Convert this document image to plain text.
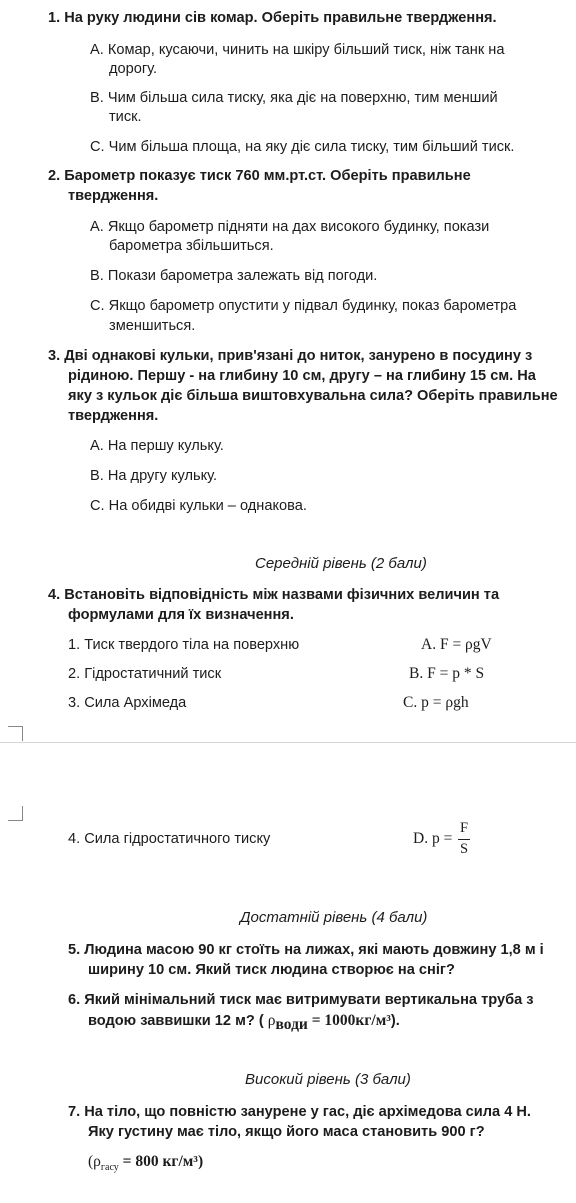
1. На руку людини сів комар. Оберіть правильне твердження.
А. Комар, кусаючи, чинить на шкіру більший тиск, ніж танк на
дорогу.
В. Чим більша сила тиску, яка діє на поверхню, тим менший
тиск.
С. Чим більша площа, на яку діє сила тиску, тим більший тиск.
2. Барометр показує тиск 760 мм.рт.ст. Оберіть правильне
твердження.
А. Якщо барометр підняти на дах високого будинку, покази
барометра збільшиться.
В. Покази барометра залежать від погоди.
С. Якщо барометр опустити у підвал будинку, показ барометра
зменшиться.
3. Дві однакові кульки, прив'язані до ниток, занурено в посудину з
рідиною. Першу - на глибину 10 см, другу – на глибину 15 см. На
яку з кульок діє більша виштовхувальна сила? Оберіть правильне
твердження.
А. На першу кульку.
В. На другу кульку.
С. На обидві кульки – однакова.
Середній рівень (2 бали)
4. Встановіть відповідність між назвами фізичних величин та
формулами для їх визначення.
1. Тиск твердого тіла на поверхню
2. Гідростатичний тиск
3. Сила Архімеда
A. F = ρgV
B. F = p * S
C. p = ρgh
4. Сила гідростатичного тиску	D. p =
F
S
Достатній рівень (4 бали)
5. Людина масою 90 кг стоїть на лижах, які мають довжину 1,8 м і
ширину 10 см. Який тиск людина створює на сніг?
6. Який мінімальний тиск має витримувати вертикальна труба з
водою заввишки 12 м? ( $\rho_{води} = 1000кг/м^3$).
Високий рівень (3 бали)
7. На тіло, що повністю занурене у гас, діє архімедова сила 4 Н.
Яку густину має тіло, якщо його маса становить 900 г?
($\rho_{гасу} = 800$ кг/м³)
